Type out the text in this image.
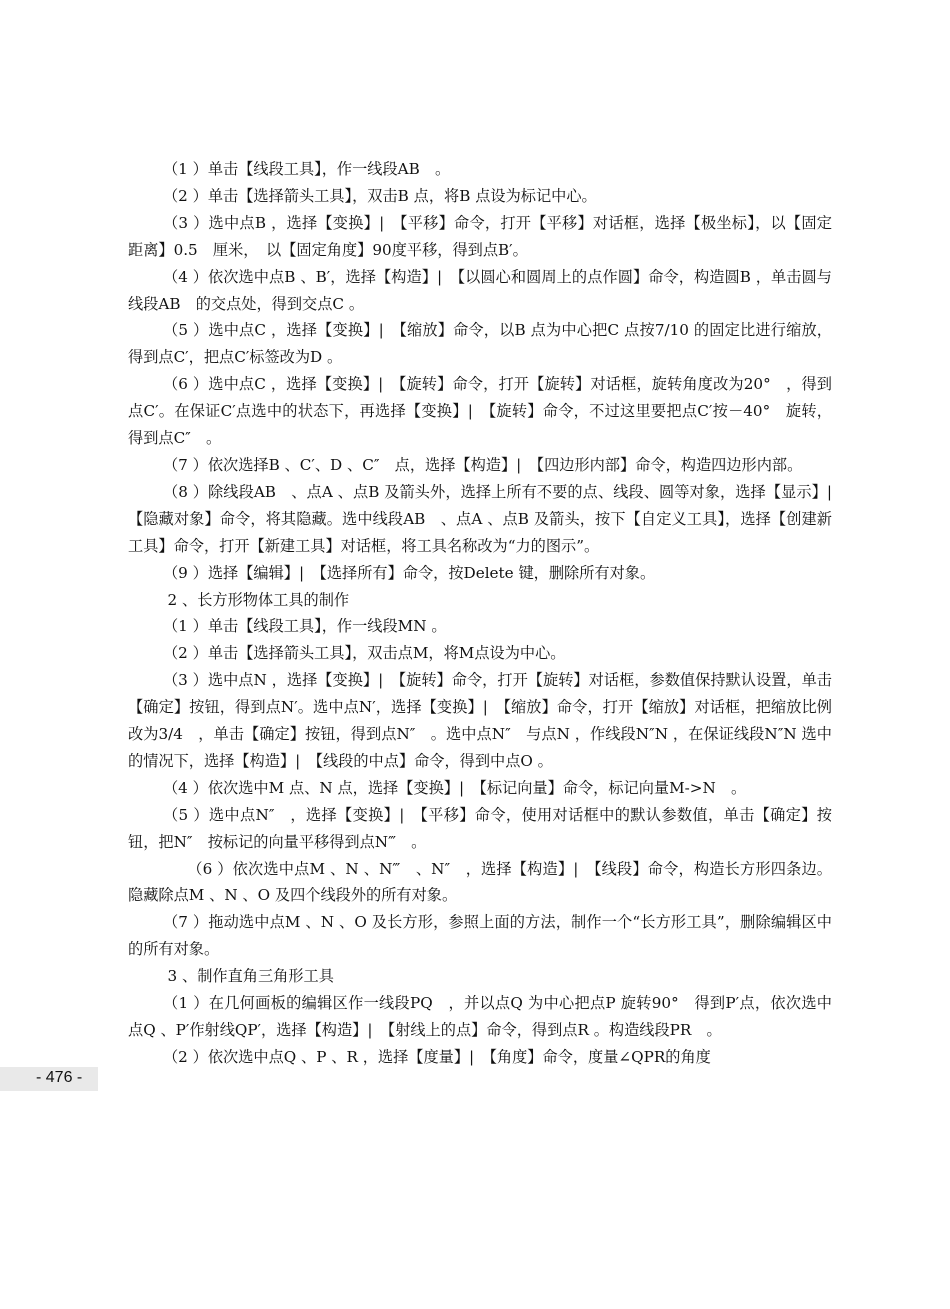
（1 ）单击【线段工具】，作一线段AB　。

（2 ）单击【选择箭头工具】，双击B 点，将B 点设为标记中心。

（3 ）选中点B ，选择【变换】|　【平移】命令，打开【平移】对话框，选择【极坐标】，以【固定距离】0.5　厘米，　以【固定角度】90度平移，得到点B′。

（4 ）依次选中点B 、B′，选择【构造】|　【以圆心和圆周上的点作圆】命令，构造圆B ，单击圆与线段AB　的交点处，得到交点C 。

（5 ）选中点C ，选择【变换】|　【缩放】命令，以B 点为中心把C 点按7/10 的固定比进行缩放，得到点C′，把点C′标签改为D 。

（6 ）选中点C ，选择【变换】|　【旋转】命令，打开【旋转】对话框，旋转角度改为20°　，得到点C′。在保证C′点选中的状态下，再选择【变换】|　【旋转】命令，不过这里要把点C′按－40°　旋转，得到点C″　。

（7 ）依次选择B 、C′、D 、C″　点，选择【构造】|　【四边形内部】命令，构造四边形内部。

（8 ）除线段AB　、点A 、点B 及箭头外，选择上所有不要的点、线段、圆等对象，选择【显示】|　【隐藏对象】命令，将其隐藏。选中线段AB　、点A 、点B 及箭头，按下【自定义工具】，选择【创建新工具】命令，打开【新建工具】对话框，将工具名称改为“力的图示”。

（9 ）选择【编辑】|　【选择所有】命令，按Delete 键，删除所有对象。

2 、长方形物体工具的制作

（1 ）单击【线段工具】，作一线段MN 。

（2 ）单击【选择箭头工具】，双击点M，将M点设为中心。

（3 ）选中点N ，选择【变换】|　【旋转】命令，打开【旋转】对话框，参数值保持默认设置，单击【确定】按钮，得到点N′。选中点N′，选择【变换】|　【缩放】命令，打开【缩放】对话框，把缩放比例改为3/4　，单击【确定】按钮，得到点N″　。选中点N″　与点N ，作线段N″N ，在保证线段N″N 选中的情况下，选择【构造】|　【线段的中点】命令，得到中点O 。

（4 ）依次选中M 点、N 点，选择【变换】|　【标记向量】命令，标记向量M->N　。

（5 ）选中点N″　，选择【变换】|　【平移】命令，使用对话框中的默认参数值，单击【确定】按钮，把N″　按标记的向量平移得到点N‴　。

（6 ）依次选中点M 、N 、N‴　、N″　，选择【构造】|　【线段】命令，构造长方形四条边。隐藏除点M 、N 、O 及四个线段外的所有对象。

（7 ）拖动选中点M 、N 、O 及长方形，参照上面的方法，制作一个“长方形工具”，删除编辑区中的所有对象。

3 、制作直角三角形工具

（1 ）在几何画板的编辑区作一线段PQ　，并以点Q 为中心把点P 旋转90°　得到P′点，依次选中点Q 、P′作射线QP′，选择【构造】|　【射线上的点】命令，得到点R 。构造线段PR　。

（2 ）依次选中点Q 、P 、R ，选择【度量】|　【角度】命令，度量∠QPR的角度

- 476 -
